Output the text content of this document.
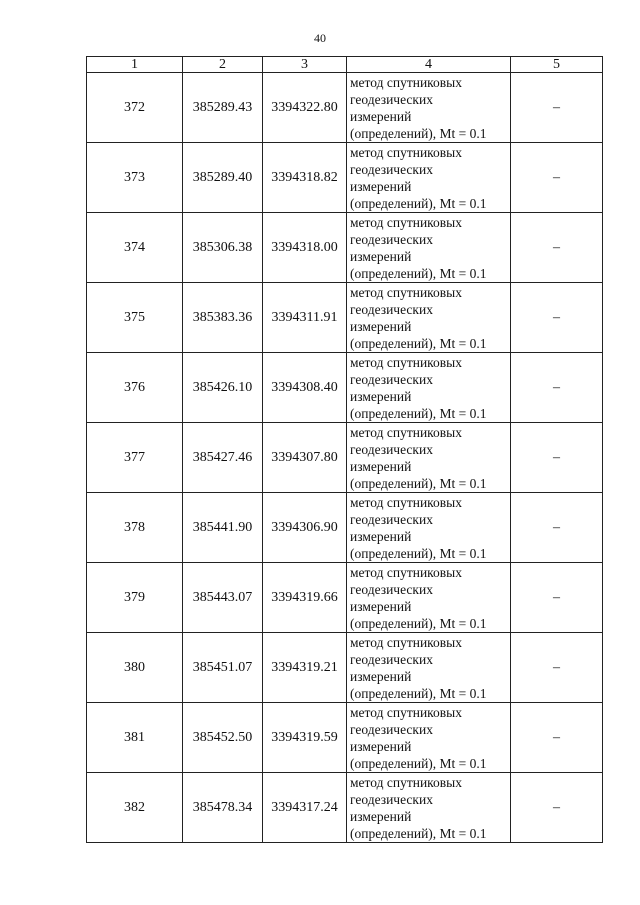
40
1	2	3	4	5
372	385289.43	3394322.80	метод спутниковых
геодезических
измерений
(определений), Mt = 0.1	–
373	385289.40	3394318.82	метод спутниковых
геодезических
измерений
(определений), Mt = 0.1	–
374	385306.38	3394318.00	метод спутниковых
геодезических
измерений
(определений), Mt = 0.1	–
375	385383.36	3394311.91	метод спутниковых
геодезических
измерений
(определений), Mt = 0.1	–
376	385426.10	3394308.40	метод спутниковых
геодезических
измерений
(определений), Mt = 0.1	–
377	385427.46	3394307.80	метод спутниковых
геодезических
измерений
(определений), Mt = 0.1	–
378	385441.90	3394306.90	метод спутниковых
геодезических
измерений
(определений), Mt = 0.1	–
379	385443.07	3394319.66	метод спутниковых
геодезических
измерений
(определений), Mt = 0.1	–
380	385451.07	3394319.21	метод спутниковых
геодезических
измерений
(определений), Mt = 0.1	–
381	385452.50	3394319.59	метод спутниковых
геодезических
измерений
(определений), Mt = 0.1	–
382	385478.34	3394317.24	метод спутниковых
геодезических
измерений
(определений), Mt = 0.1	–
